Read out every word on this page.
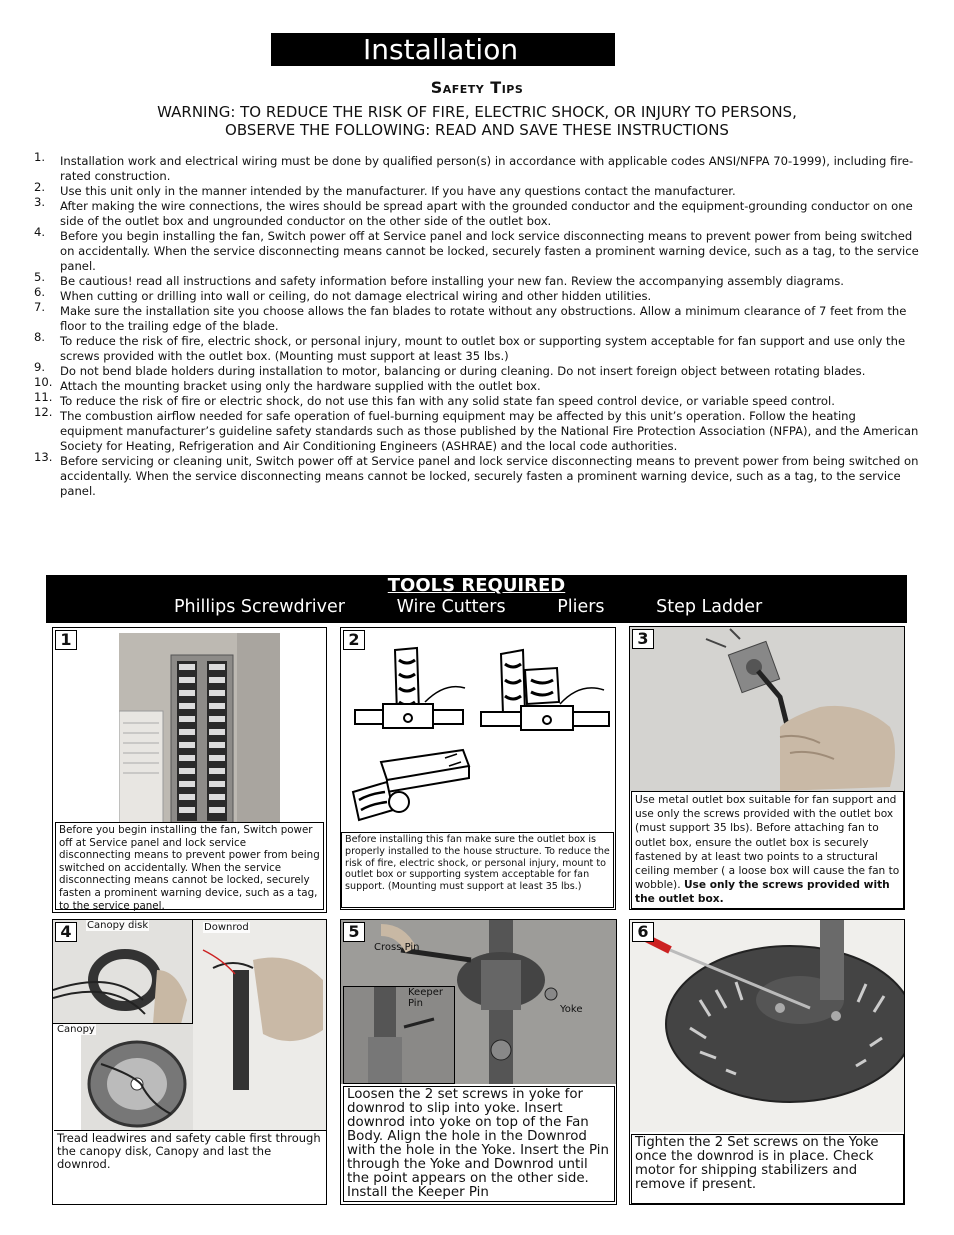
Installation
Safety Tips
WARNING: TO REDUCE THE RISK OF FIRE, ELECTRIC SHOCK, OR INJURY TO PERSONS,
OBSERVE THE FOLLOWING: READ AND SAVE THESE INSTRUCTIONS
1. Installation work and electrical wiring must be done by qualified person(s) in accordance with applicable codes ANSI/NFPA 70-1999), including fire-rated construction.
2. Use this unit only in the manner intended by the manufacturer. If you have any questions contact the manufacturer.
3. After making the wire connections, the wires should be spread apart with the grounded conductor and the equipment-grounding conductor on one side of the outlet box and ungrounded conductor on the other side of the outlet box.
4. Before you begin installing the fan, Switch power off at Service panel and lock service disconnecting means to prevent power from being switched on accidentally. When the service disconnecting means cannot be locked, securely fasten a prominent warning device, such as a tag, to the service panel.
5. Be cautious! read all instructions and safety information before installing your new fan. Review the accompanying assembly diagrams.
6. When cutting or drilling into wall or ceiling, do not damage electrical wiring and other hidden utilities.
7. Make sure the installation site you choose allows the fan blades to rotate without any obstructions. Allow a minimum clearance of 7 feet from the floor to the trailing edge of the blade.
8. To reduce the risk of fire, electric shock, or personal injury, mount to outlet box or supporting system acceptable for fan support and use only the screws provided with the outlet box. (Mounting must support at least 35 lbs.)
9. Do not bend blade holders during installation to motor, balancing or during cleaning. Do not insert foreign object between rotating blades.
10. Attach the mounting bracket using only the hardware supplied with the outlet box.
11. To reduce the risk of fire or electric shock, do not use this fan with any solid state fan speed control device, or variable speed control.
12. The combustion airflow needed for safe operation of fuel-burning equipment may be affected by this unit’s operation. Follow the heating equipment manufacturer’s guideline safety standards such as those published by the National Fire Protection Association (NFPA), and the American Society for Heating, Refrigeration and Air Conditioning Engineers (ASHRAE) and the local code authorities.
13. Before servicing or cleaning unit, Switch power off at Service panel and lock service disconnecting means to prevent power from being switched on accidentally. When the service disconnecting means cannot be locked, securely fasten a prominent warning device, such as a tag, to the service panel.
TOOLS REQUIRED
Phillips Screwdriver	Wire Cutters	Pliers	Step Ladder
1
Before you begin installing the fan, Switch power off at Service panel and lock service disconnecting means to prevent power from being switched on accidentally. When the service disconnecting means cannot be locked, securely fasten a prominent warning device, such as a tag, to the service panel.
2
Before installing this fan make sure the outlet box is properly installed to the house structure. To reduce the risk of fire, electric shock, or personal injury, mount to outlet box or supporting system acceptable for fan support. (Mounting must support at least 35 lbs.)
3
Use metal outlet box suitable for fan support and use only the screws provided with the outlet box (must support 35 lbs). Before attaching fan to outlet box, ensure the outlet box is securely fastened by at least two points to a structural ceiling member ( a loose box will cause the fan to wobble). Use only the screws provided with the outlet box.
4	Canopy disk	Downrod
Canopy
Tread leadwires and safety cable first through the canopy disk, Canopy and last the downrod.
5
Cross Pin
Keeper Pin
Yoke
Loosen the 2 set screws in yoke for downrod to slip into yoke. Insert downrod into yoke on top of the Fan Body. Align the hole in the Downrod with the hole in the Yoke. Insert the Pin through the Yoke and Downrod until the point appears on the other side. Install the Keeper Pin
6
Tighten the 2 Set screws on the Yoke once the downrod is in place. Check motor for shipping stabilizers and remove if present.
